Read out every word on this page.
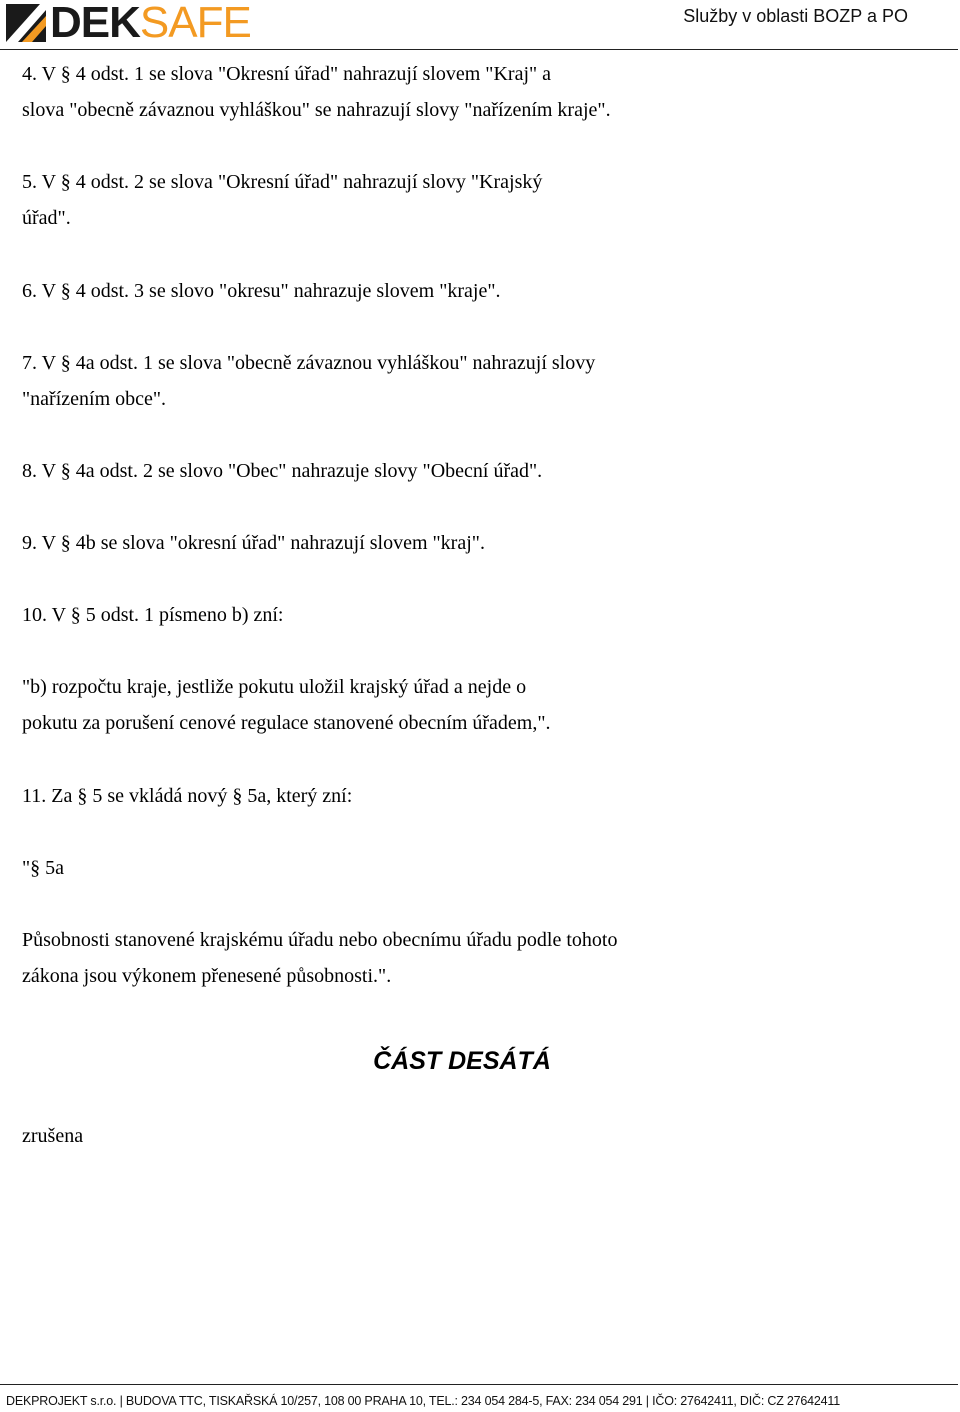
DEKSAFE	Služby v oblasti BOZP a PO
4. V § 4 odst. 1 se slova "Okresní úřad" nahrazují slovem "Kraj" a
slova "obecně závaznou vyhláškou" se nahrazují slovy "nařízením kraje".
5. V § 4 odst. 2 se slova "Okresní úřad" nahrazují slovy "Krajský
úřad".
6. V § 4 odst. 3 se slovo "okresu" nahrazuje slovem "kraje".
7. V § 4a odst. 1 se slova "obecně závaznou vyhláškou" nahrazují slovy
"nařízením obce".
8. V § 4a odst. 2 se slovo "Obec" nahrazuje slovy "Obecní úřad".
9. V § 4b se slova "okresní úřad" nahrazují slovem "kraj".
10. V § 5 odst. 1 písmeno b) zní:
"b) rozpočtu kraje, jestliže pokutu uložil krajský úřad a nejde o
pokutu za porušení cenové regulace stanovené obecním úřadem,".
11. Za § 5 se vkládá nový § 5a, který zní:
"§ 5a
Působnosti stanovené krajskému úřadu nebo obecnímu úřadu podle tohoto
zákona jsou výkonem přenesené působnosti.".
ČÁST DESÁTÁ
zrušena
DEKPROJEKT s.r.o. | BUDOVA TTC, TISKAŘSKÁ 10/257, 108 00 PRAHA 10, TEL.: 234 054 284-5, FAX: 234 054 291 | IČO: 27642411, DIČ: CZ 27642411
